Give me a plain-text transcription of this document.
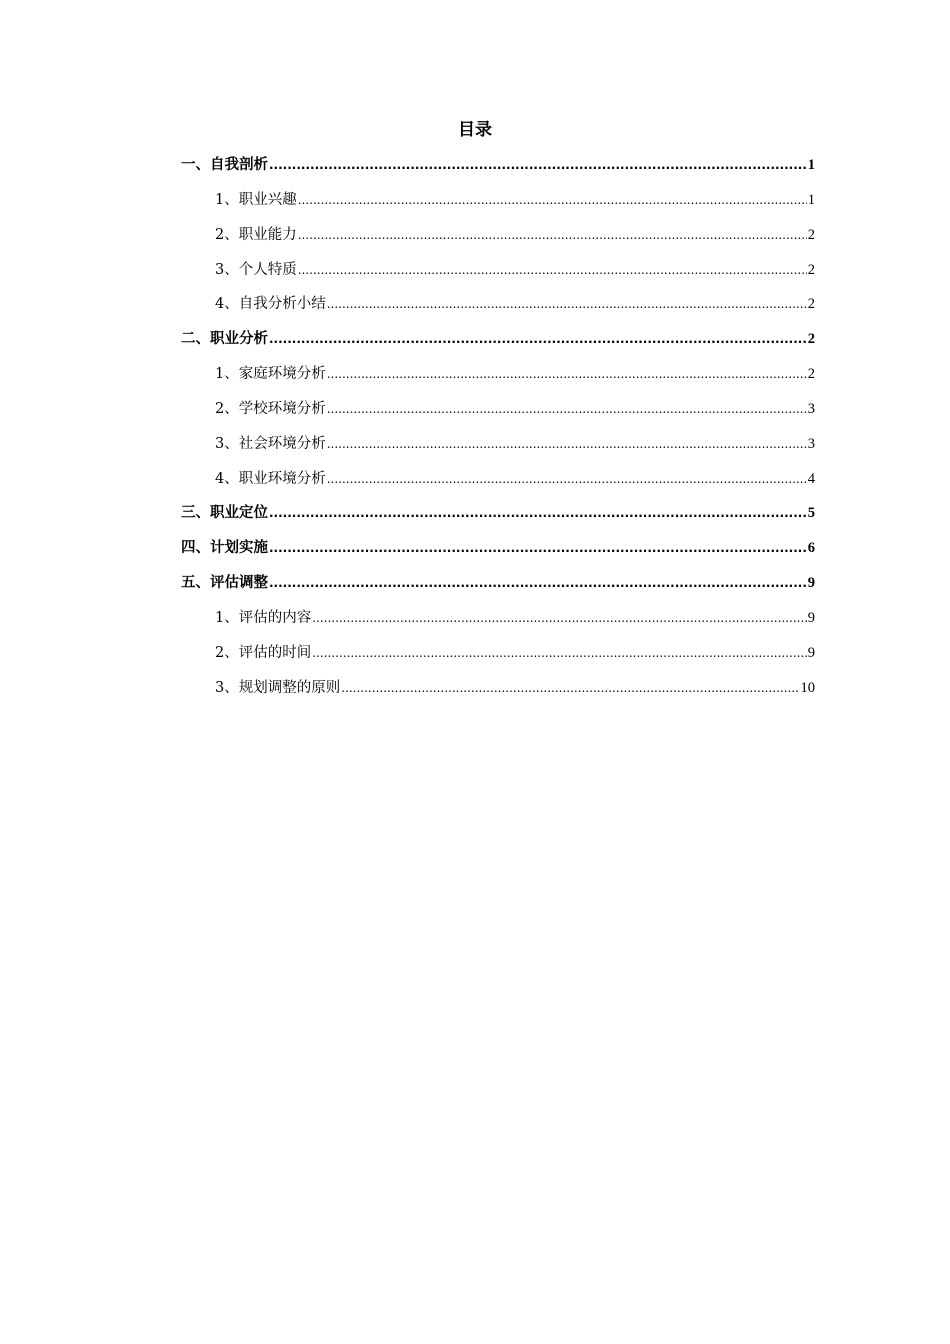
目录
一、自我剖析 .....	1
1、职业兴趣 .....	1
2、职业能力 .....	2
3、个人特质 .....	2
4、自我分析小结 .....	2
二、职业分析 .....	2
1、家庭环境分析 .....	2
2、学校环境分析 .....	3
3、社会环境分析 .....	3
4、职业环境分析 .....	4
三、职业定位 .....	5
四、计划实施 .....	6
五、评估调整 .....	9
1、评估的内容 .....	9
2、评估的时间 .....	9
3、规划调整的原则 .....	10
